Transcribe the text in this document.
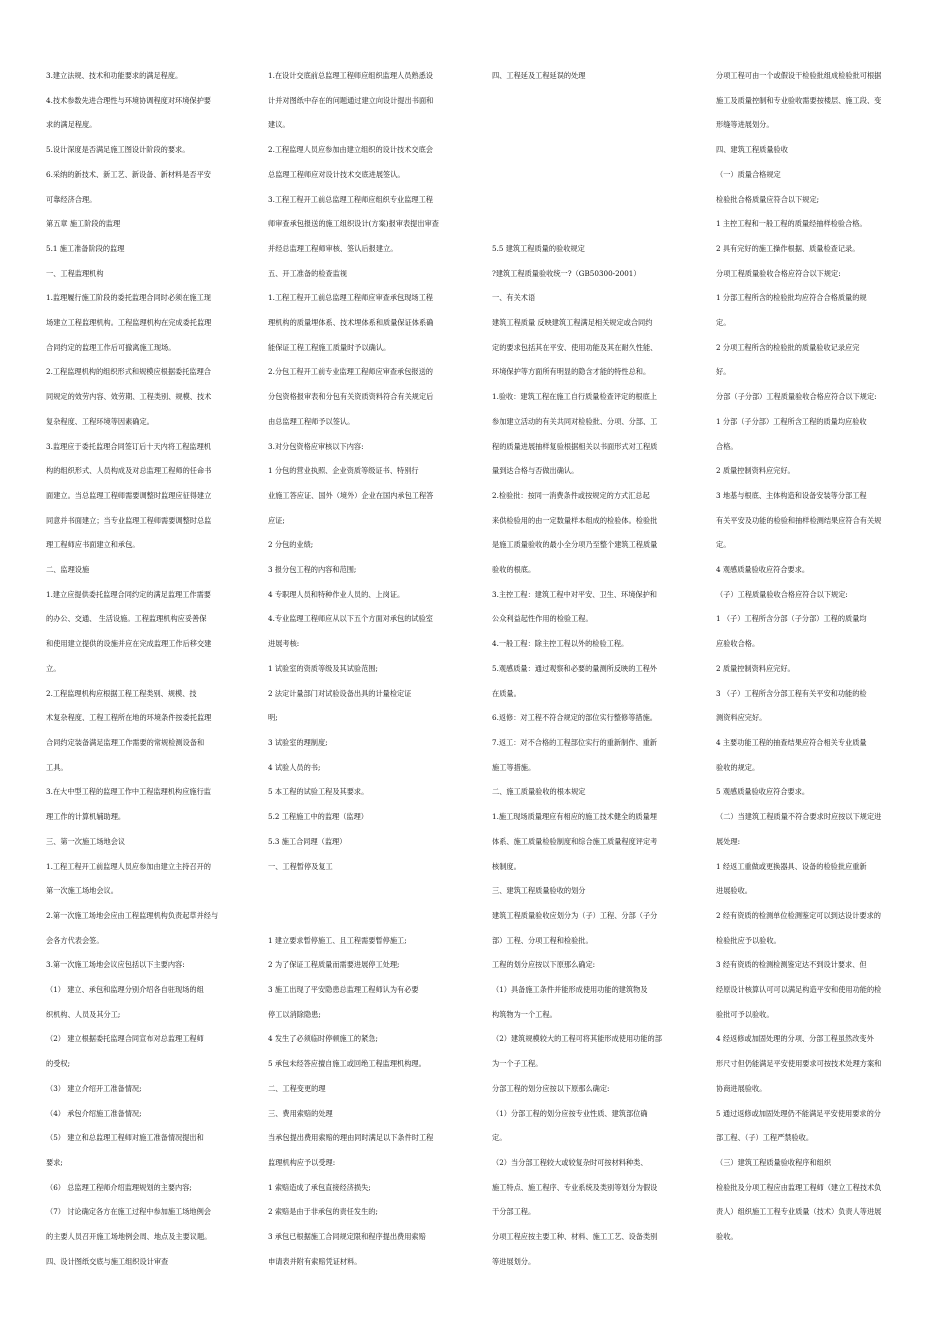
3.建立法规、技术和功能要求的满足程度。

4.技术参数先进合理性与环境协调程度对环境保护要

求的满足程度。

5.设计深度是否满足施工图设计阶段的要求。

6.采纳的新技术、新工艺、新设备、新材料是否平安

可靠经济合理。

第五章 施工阶段的监理

5.1 施工准备阶段的监理

一、工程监理机构

1.监理履行施工阶段的委托监理合同时必须在施工现

场建立工程监理机构。工程监理机构在完成委托监理

合同约定的监理工作后可撤离施工现场。

2.工程监理机构的组织形式和规模应根据委托监理合

同规定的效劳内容、效劳期、工程类别、规模、技术

复杂程度、工程环境等因素确定。

3.监理应于委托监理合同签订后十天内将工程监理机

构的组织形式、人员构成及对总监理工程师的任命书

面建立。当总监理工程师需要调整时监理应征得建立

同意并书面建立；当专业监理工程师需要调整时总监

理工程师应书面建立和承包。

二、监理设施

1.建立应提供委托监理合同约定的满足监理工作需要

的办公、交通、 生活设施。工程监理机构应妥善保

和使用建立提供的设施并应在完成监理工作后移交建

立。

2.工程监理机构应根据工程工程类别、规模、技

术复杂程度、工程工程所在地的环境条件按委托监理

合同约定装备满足监理工作需要的常规检测设备和

工具。

3.在大中型工程的监理工作中工程监理机构应施行监

理工作的计算机辅助理。

三、第一次施工场地会议

1.工程工程开工前监理人员应参加由建立主持召开的

第一次施工场地会议。

2.第一次施工场地会应由工程监理机构负责起草并经与

会各方代表会签。

3.第一次施工场地会议应包括以下主要内容:

（1） 建立、承包和监理分别介绍各自驻现场的组

织机构、人员及其分工;

（2） 建立根据委托监理合同宣布对总监理工程师

的受权;

（3） 建立介绍开工准备情况;

（4） 承包介绍施工准备情况;

（5） 建立和总监理工程师对施工准备情况提出和

要求;

（6） 总监理工程师介绍监理规划的主要内容;

（7） 讨论确定各方在施工过程中参加施工场地例会

的主要人员召开施工场地例会周、地点及主要议题。

四、设计图纸交底与施工组织设计审查

1.在设计交底前总监理工程师应组织监理人员熟悉设

计并对图纸中存在的问题通过建立向设计提出书面和

建议。

2.工程监理人员应参加由建立组织的设计技术交底会

总监理工程师应对设计技术交底进展签认。

3.工程工程开工前总监理工程师应组织专业监理工程

师审查承包报送的施工组织设计(方案)报审表提出审查

并经总监理工程师审核、签认后报建立。

五、开工准备的检查监视

1.工程工程开工前总监理工程师应审查承包现场工程

理机构的质量埋体系、技术埋体系和质量保证体系确

能保证工程工程施工质量时予以确认。

2.分包工程开工前专业监理工程师应审查承包报送的

分包资格报审表和分包有关资质资料符合有关规定后

由总监理工程师予以签认。

3.对分包资格应审核以下内容:

1 分包的营业执照、企业资质等级证书、特别行

业施工答应证、国外（境外）企业在国内承包工程答

应证;

2 分包的业绩;

3 报分包工程的内容和范围;

4 专职理人员和特种作业人员的、上岗证。

4.专业监理工程师应从以下五个方面对承包的试验室

进展考核:

1 试验室的资质等级及其试验范围;

2 法定计量部门对试验设备出具的计量检定证

明;

3 试验室的理制度;

4 试验人员的书;

5 本工程的试验工程及其要求。

5.2 工程施工中的监理（监理）

5.3 施工合同理（监理）

一、工程暂停及复工

1 建立要求暂停施工、且工程需要暂停施工;

2 为了保证工程质量而需要进展停工处理;

3 施工出现了平安隐患总监理工程师认为有必要

停工以消除隐患;

4 发生了必须临时停顿施工的紧急;

5 承包未经答应擅自施工或回绝工程监理机构理。

二、工程变更的理

三、费用索赔的处理

当承包提出费用索赔的理由同时满足以下条件时工程

监理机构应予以受理:

1 索赔造成了承包直接经济损失;

2 索赔是由于非承包的责任发生的;

3 承包已根据施工合同规定限和程序提出费用索赔

申请表并附有索赔凭证材料。

四、工程延及工程延误的处理

5.5 建筑工程质量的验收规定

?建筑工程质量验收统一?（GB50300-2001）

一、有关术语

建筑工程质量 反映建筑工程满足相关规定或合同约

定的要求包括其在平安、使用功能及其在耐久性能、

环境保护等方面所有明显的隐含才能的特性总和。

1.验收：建筑工程在施工自行质量检查评定的根底上

参加建立活动的有关共同对检验批、分项、分部、工

程的质量进展抽样复验根据相关以书面形式对工程质

量到达合格与否做出确认。

2.检验批：按同一消费条件或按规定的方式汇总起

来供检验用的由一定数量样本组成的检验体。检验批

是施工质量验收的最小全分项乃至整个建筑工程质量

验收的根底。

3.主控工程：建筑工程中对平安、卫生、环境保护和

公众利益起性作用的检验工程。

4.一般工程：除主控工程以外的检验工程。

5.观感质量：通过观察和必要的量测所反映的工程外

在质量。

6.返修：对工程不符合规定的部位实行整修等措施。

7.返工：对不合格的工程部位实行的重新制作、重新

施工等措施。

二、施工质量验收的根本规定

1.施工现场质量理应有相应的施工技术健全的质量埋

体系、施工质量检验制度和综合施工质量程度评定考

核制度。

三、建筑工程质量验收的划分

建筑工程质量验收应划分为（子）工程、分部（子分

部）工程、分项工程和检验批。

工程的划分应按以下原那么确定:

（1）具备施工条件并能形成使用功能的建筑物及

构筑物为一个工程。

（2）建筑规模较大的工程可将其能形成使用功能的部

为一个子工程。

分部工程的划分应按以下原那么确定:

（1）分部工程的划分应按专业性质、建筑部位确

定。

（2）当分部工程较大或较复杂时可按材料种类、

施工特点、施工程序、专业系统及类别等划分为假设

干分部工程。

分项工程应按主要工种、材料、施工工艺、设备类别

等进展划分。

分项工程可由一个或假设干检验批组成检验批可根据

施工及质量控制和专业验收需要按楼层、施工段、变

形缝等进展划分。

四、建筑工程质量验收

（一）质量合格规定

检验批合格质量应符合以下规定;

1 主控工程和一般工程的质量经抽样检验合格。

2 具有完好的施工操作根据、质量检查记录。

分项工程质量验收合格应符合以下规定:

1 分部工程所含的检验批均应符合合格质量的规

定。

2 分项工程所含的检验批的质量验收记录应完

好。

分部（子分部）工程质量验收合格应符合以下规定:

1 分部（子分部）工程所含工程的质量均应验收

合格。

2 质量控制资料应完好。

3 地基与根底、主体构造和设备安装等分部工程

有关平安及功能的检验和抽样检测结果应符合有关规

定。

4 观感质量验收应符合要求。

（子）工程质量验收合格应符合以下规定:

1 （子）工程所含分部（子分部）工程的质量均

应验收合格。

2 质量控制资料应完好。

3 （子）工程所含分部工程有关平安和功能的检

测资料应完好。

4 主要功能工程的抽查结果应符合相关专业质量

验收的规定。

5 观感质量验收应符合要求。

（二）当建筑工程质量不符合要求时应按以下规定进

展处理:

1 经返工重做或更换器具、设备的检验批应重新

进展验收。

2 经有资质的检测单位检测鉴定可以到达设计要求的

检验批应予以验收。

3 经有资质的检测检测鉴定达不到设计要求、但

经原设计核算认可可以满足构造平安和使用功能的检

验批可予以验收。

4 经返修或加固处理的分项、分部工程虽然改变外

形尺寸但仍能满足平安使用要求可按技术处理方案和

协商进展验收。

5 通过返修或加固处理仍不能满足平安使用要求的分

部工程、（子）工程严禁验收。

（三）建筑工程质量验收程序和组织

检验批及分项工程应由监理工程师（建立工程技术负

责人）组织施工工程专业质量（技术）负责人等进展

验收。
